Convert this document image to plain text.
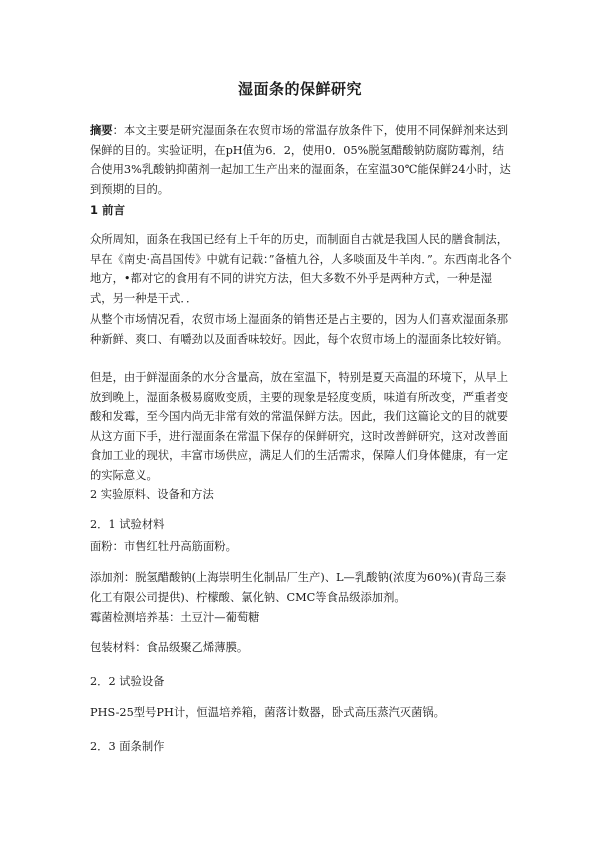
湿面条的保鲜研究

摘要：本文主要是研究湿面条在农贸市场的常温存放条件下，使用不同保鲜剂来达到保鲜的目的。实验证明，在pH值为6．2，使用0．05%脱氢醋酸钠防腐防霉剂，结合使用3%乳酸钠抑菌剂一起加工生产出来的湿面条，在室温30℃能保鲜24小时，达到预期的目的。

1 前言

众所周知，面条在我国已经有上千年的历史，而制面自古就是我国人民的膳食制法，早在《南史·高昌国传》中就有记载：”备植九谷，人多啖面及牛羊肉．”。东西南北各个地方，•都对它的食用有不同的讲究方法，但大多数不外乎是两种方式，一种是湿式，另一种是干式．．

从整个市场情况看，农贸市场上湿面条的销售还是占主要的，因为人们喜欢湿面条那种新鲜、爽口、有嚼劲以及面香味较好。因此，每个农贸市场上的湿面条比较好销。

但是，由于鲜湿面条的水分含量高，放在室温下，特别是夏天高温的环境下，从早上放到晚上，湿面条极易腐败变质，主要的现象是轻度变质，味道有所改变，严重者变酸和发霉，至今国内尚无非常有效的常温保鲜方法。因此，我们这篇论文的目的就要从这方面下手，进行湿面条在常温下保存的保鲜研究，这时改善鲜研究，这对改善面食加工业的现状，丰富市场供应，满足人们的生活需求，保障人们身体健康，有一定的实际意义。

2 实验原料、设备和方法
2．1 试验材料

面粉：市售红牡丹高筋面粉。

添加剂：脱氢醋酸钠(上海崇明生化制品厂生产)、L—乳酸钠(浓度为60%)(青岛三泰化工有限公司提供)、柠檬酸、氯化钠、CMC等食品级添加剂。

霉菌检测培养基：土豆汁—葡萄糖

包装材料：食品级聚乙烯薄膜。

2．2 试验设备

PHS-25型号PH计，恒温培养箱，菌落计数器，卧式高压蒸汽灭菌锅。

2．3 面条制作
